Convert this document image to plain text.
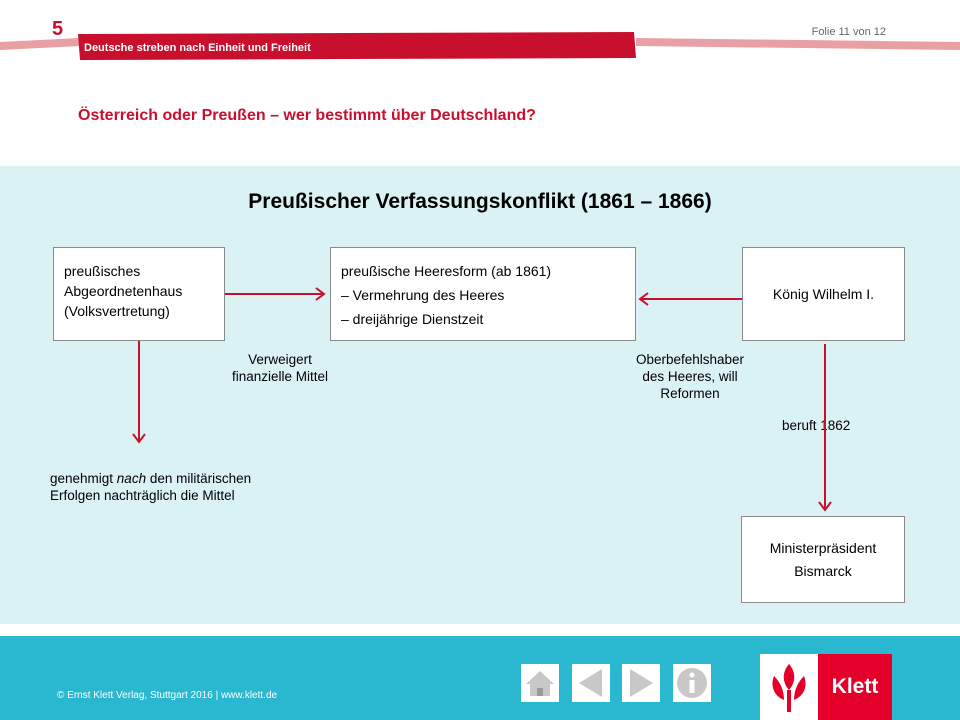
5	Folie 11 von 12
Deutsche streben nach Einheit und Freiheit
Österreich oder Preußen – wer bestimmt über Deutschland?
Preußischer Verfassungskonflikt (1861 – 1866)
preußisches
Abgeordnetenhaus
(Volksvertretung)
preußische Heeresform (ab 1861)
– Vermehrung des Heeres
– dreijährige Dienstzeit
König Wilhelm I.
Ministerpräsident
Bismarck
Verweigert
finanzielle Mittel
Oberbefehlshaber
des Heeres, will
Reformen
beruft 1862
genehmigt nach den militärischen
Erfolgen nachträglich die Mittel
© Ernst Klett Verlag, Stuttgart 2016 | www.klett.de	Klett
